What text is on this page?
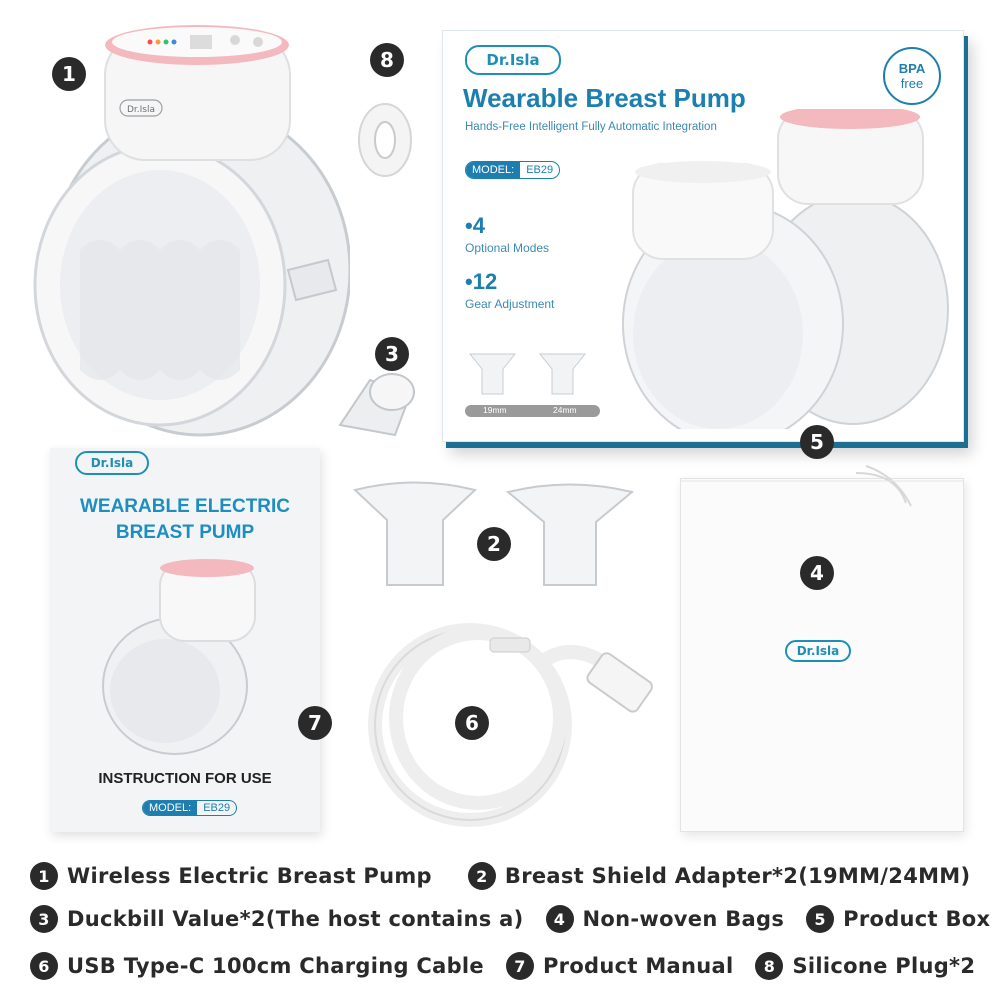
Dr.Isla
1
8
3
Dr.Isla
Wearable Breast Pump
Hands-Free Intelligent Fully Automatic Integration
MODEL:	EB29
•4
Optional Modes
•12
Gear Adjustment
BPA
free
19mm	24mm
5
Dr.Isla
WEARABLE ELECTRIC
BREAST PUMP
INSTRUCTION FOR USE
MODEL:	EB29
7
2
6
Dr.Isla
4
1 Wireless Electric Breast Pump	2 Breast Shield Adapter*2(19MM/24MM)
3 Duckbill Value*2(The host contains a)	4 Non-woven Bags	5 Product Box
6 USB Type-C 100cm Charging Cable	7 Product Manual	8 Silicone Plug*2
